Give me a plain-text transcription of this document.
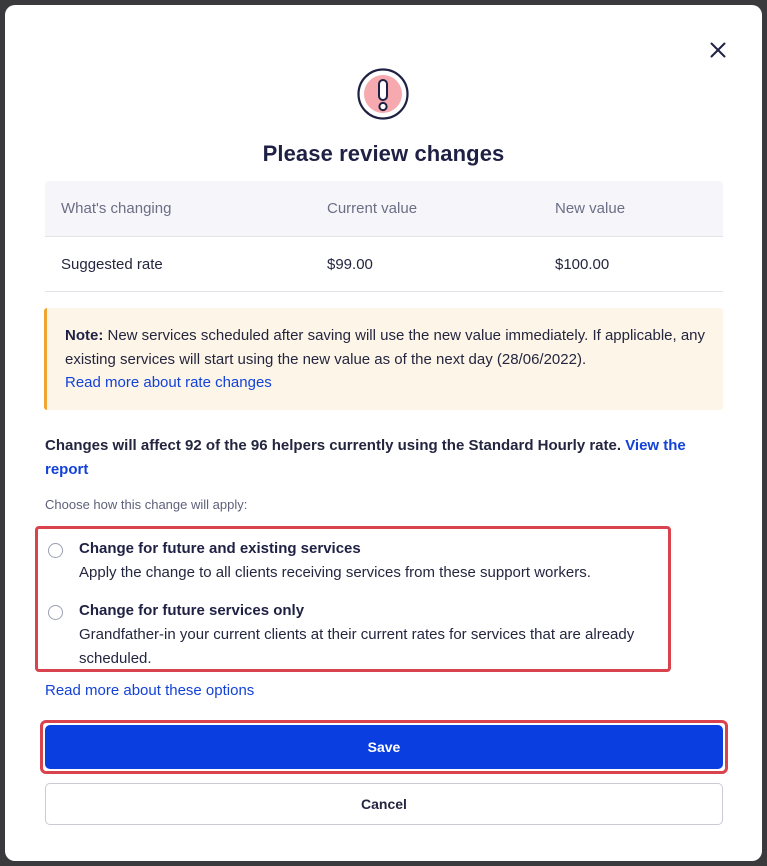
Please review changes
What's changing	Current value	New value
Suggested rate	$99.00	$100.00
Note: New services scheduled after saving will use the new value immediately. If applicable, any existing services will start using the new value as of the next day (28/06/2022).
Read more about rate changes
Changes will affect 92 of the 96 helpers currently using the Standard Hourly rate. View the report
Choose how this change will apply:
Change for future and existing services
Apply the change to all clients receiving services from these support workers.
Change for future services only
Grandfather-in your current clients at their current rates for services that are already scheduled.
Read more about these options
Save
Cancel
